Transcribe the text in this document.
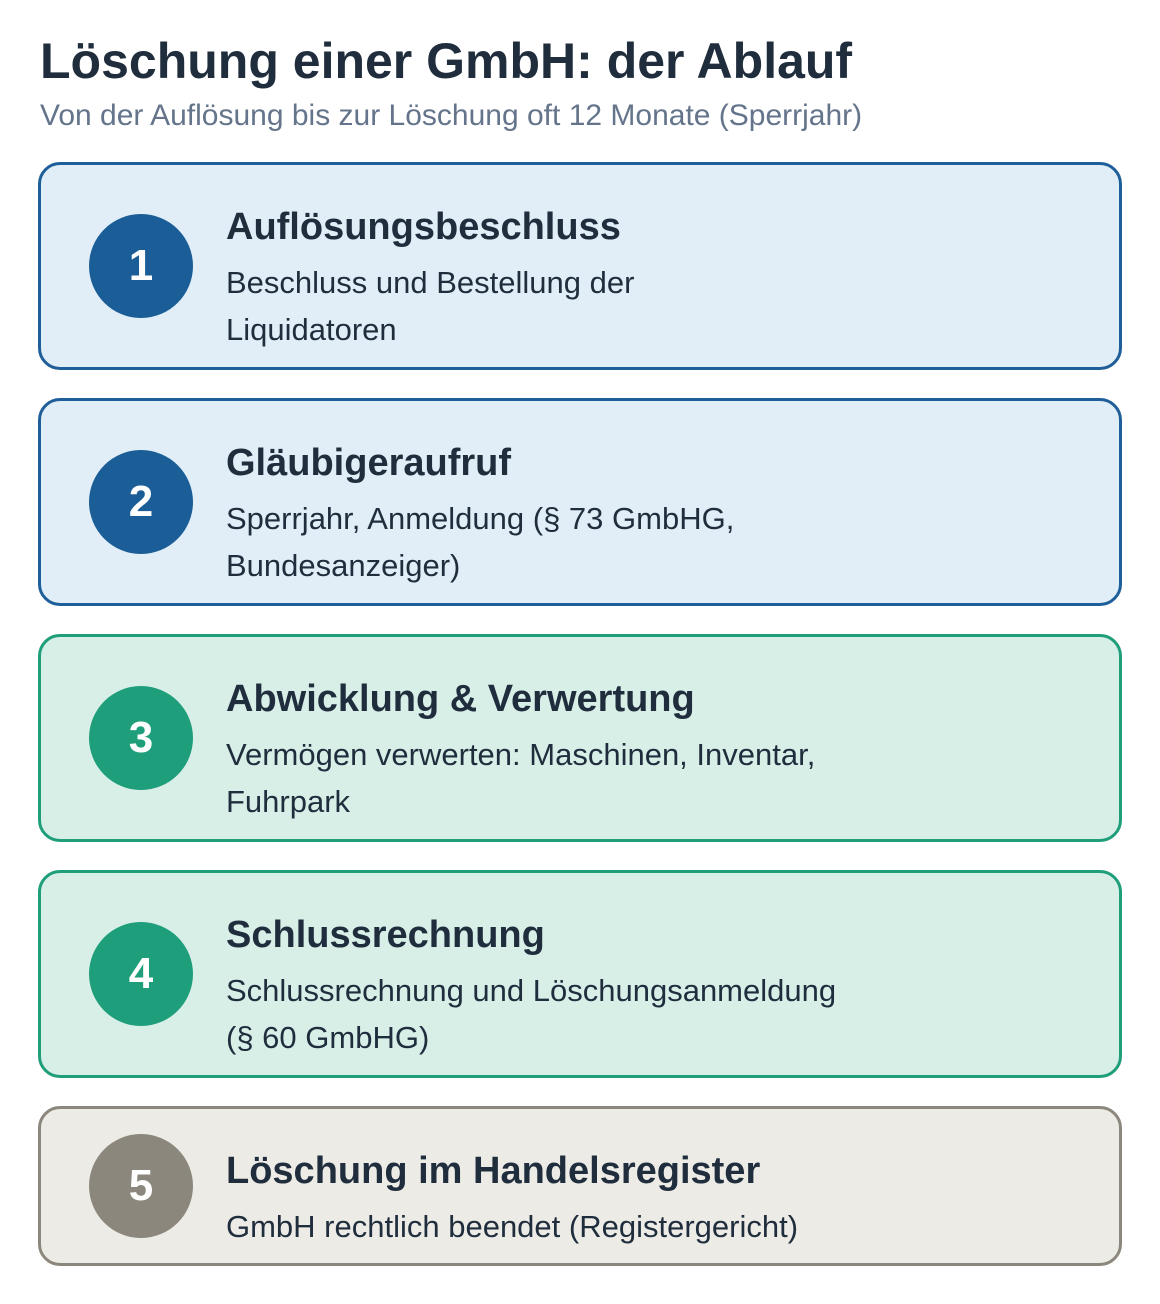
Löschung einer GmbH: der Ablauf
Von der Auflösung bis zur Löschung oft 12 Monate (Sperrjahr)
1
Auflösungsbeschluss
Beschluss und Bestellung der
Liquidatoren
2
Gläubigeraufruf
Sperrjahr, Anmeldung (§ 73 GmbHG,
Bundesanzeiger)
3
Abwicklung & Verwertung
Vermögen verwerten: Maschinen, Inventar,
Fuhrpark
4
Schlussrechnung
Schlussrechnung und Löschungsanmeldung
(§ 60 GmbHG)
5	Löschung im Handelsregister
GmbH rechtlich beendet (Registergericht)
